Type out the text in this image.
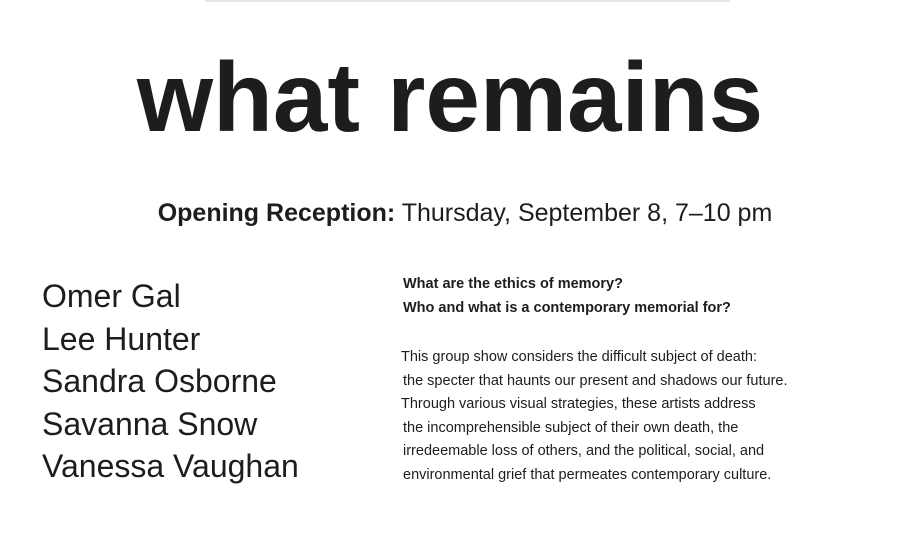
what remains
Opening Reception: Thursday, September 8, 7–10 pm
Omer Gal
Lee Hunter
Sandra Osborne
Savanna Snow
Vanessa Vaughan
What are the ethics of memory?
Who and what is a contemporary memorial for?
This group show considers the difficult subject of death:
the specter that haunts our present and shadows our future.
Through various visual strategies, these artists address
the incomprehensible subject of their own death, the
irredeemable loss of others, and the political, social, and
environmental grief that permeates contemporary culture.
